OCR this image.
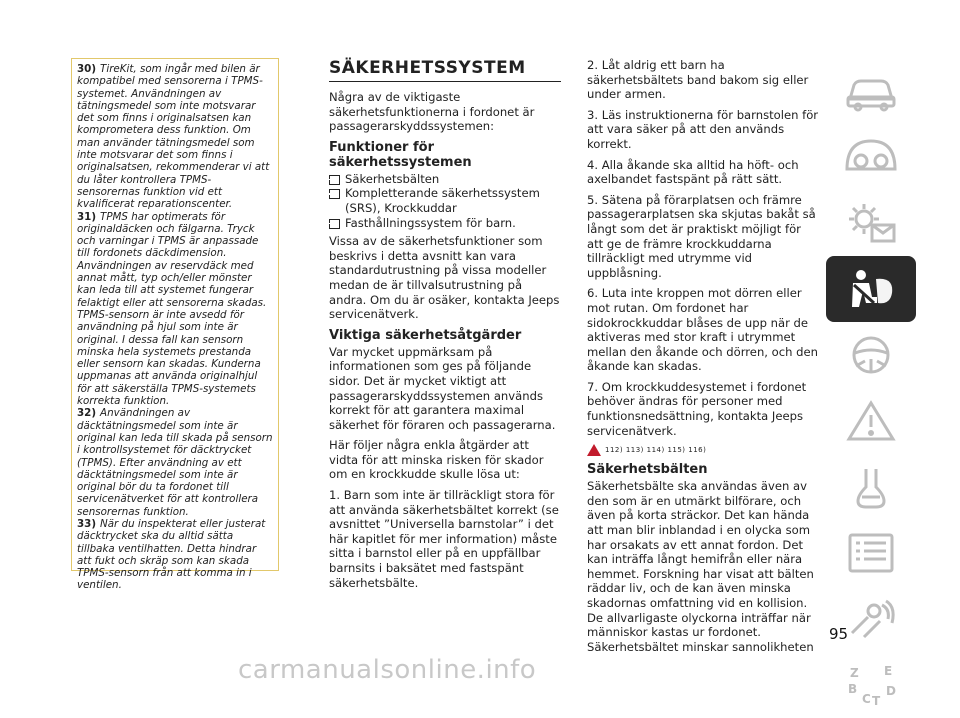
30) TireKit, som ingår med bilen är kompatibel med sensorerna i TPMS-systemet. Användningen av tätningsmedel som inte motsvarar det som finns i originalsatsen kan komprometera dess funktion. Om man använder tätningsmedel som inte motsvarar det som finns i originalsatsen, rekommenderar vi att du låter kontrollera TPMS-sensorernas funktion vid ett kvalificerat reparationscenter.

31) TPMS har optimerats för originaldäcken och fälgarna. Tryck och varningar i TPMS är anpassade till fordonets däckdimension. Användningen av reservdäck med annat mått, typ och/eller mönster kan leda till att systemet fungerar felaktigt eller att sensorerna skadas. TPMS-sensorn är inte avsedd för användning på hjul som inte är original. I dessa fall kan sensorn minska hela systemets prestanda eller sensorn kan skadas. Kunderna uppmanas att använda originalhjul för att säkerställa TPMS-systemets korrekta funktion.

32) Användningen av däcktätningsmedel som inte är original kan leda till skada på sensorn i kontrollsystemet för däcktrycket (TPMS). Efter användning av ett däcktätningsmedel som inte är original bör du ta fordonet till servicenätverket för att kontrollera sensorernas funktion.

33) När du inspekterat eller justerat däcktrycket ska du alltid sätta tillbaka ventilhatten. Detta hindrar att fukt och skräp som kan skada TPMS-sensorn från att komma in i ventilen.

SÄKERHETSSYSTEM

Några av de viktigaste säkerhetsfunktionerna i fordonet är passagerarskyddssystemen:

Funktioner för säkerhetssystemen
Säkerhetsbälten
Kompletterande säkerhetssystem (SRS), Krockkuddar
Fasthållningssystem för barn.

Vissa av de säkerhetsfunktioner som beskrivs i detta avsnitt kan vara standardutrustning på vissa modeller medan de är tillvalsutrustning på andra. Om du är osäker, kontakta Jeeps servicenätverk.

Viktiga säkerhetsåtgärder

Var mycket uppmärksam på informationen som ges på följande sidor. Det är mycket viktigt att passagerarskyddssystemen används korrekt för att garantera maximal säkerhet för föraren och passagerarna.

Här följer några enkla åtgärder att vidta för att minska risken för skador om en krockkudde skulle lösa ut:

1. Barn som inte är tillräckligt stora för att använda säkerhetsbältet korrekt (se avsnittet ”Universella barnstolar” i det här kapitlet för mer information) måste sitta i barnstol eller på en uppfällbar barnsits i baksätet med fastspänt säkerhetsbälte.

2. Låt aldrig ett barn ha säkerhetsbältets band bakom sig eller under armen.

3. Läs instruktionerna för barnstolen för att vara säker på att den används korrekt.

4. Alla åkande ska alltid ha höft- och axelbandet fastspänt på rätt sätt.

5. Sätena på förarplatsen och främre passagerarplatsen ska skjutas bakåt så långt som det är praktiskt möjligt för att ge de främre krockkuddarna tillräckligt med utrymme vid uppblåsning.

6. Luta inte kroppen mot dörren eller mot rutan. Om fordonet har sidokrockkuddar blåses de upp när de aktiveras med stor kraft i utrymmet mellan den åkande och dörren, och den åkande kan skadas.

7. Om krockkuddesystemet i fordonet behöver ändras för personer med funktionsnedsättning, kontakta Jeeps servicenätverk.

112) 113) 114) 115) 116)
Säkerhetsbälten

Säkerhetsbälte ska användas även av den som är en utmärkt bilförare, och även på korta sträckor. Det kan hända att man blir inblandad i en olycka som har orsakats av ett annat fordon. Det kan inträffa långt hemifrån eller nära hemmet. Forskning har visat att bälten räddar liv, och de kan även minska skadornas omfattning vid en kollision. De allvarligaste olyckorna inträffar när människor kastas ur fordonet. Säkerhetsbältet minskar sannolikheten

Z E
B D
C T
95
carmanualsonline.info
